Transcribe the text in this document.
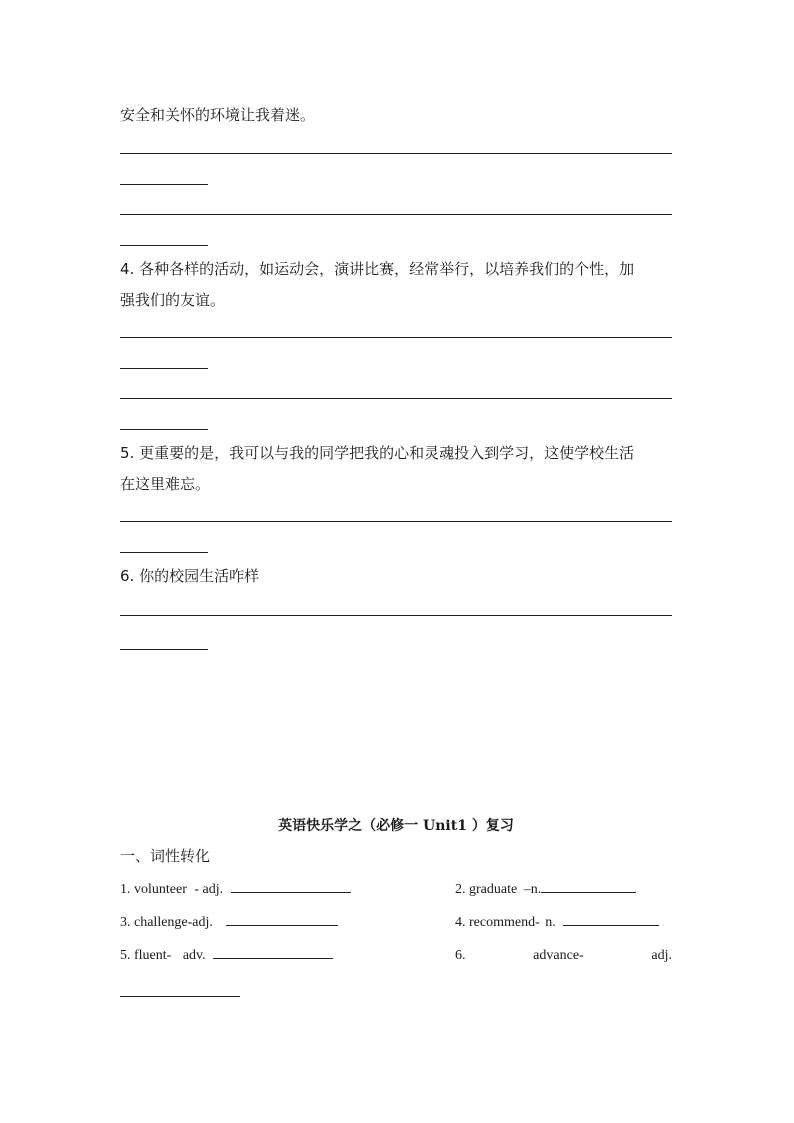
安全和关怀的环境让我着迷。
4. 各种各样的活动，如运动会，演讲比赛，经常举行，以培养我们的个性，加
强我们的友谊。
5. 更重要的是，我可以与我的同学把我的心和灵魂投入到学习，这使学校生活
在这里难忘。
6. 你的校园生活咋样
英语快乐学之（必修一 Unit1 ）复习
一、词性转化
1. volunteer - adj.	2. graduate –n.
3. challenge-adj.	4. recommend- n.
5. fluent- adv.	6.	advance-	adj.
